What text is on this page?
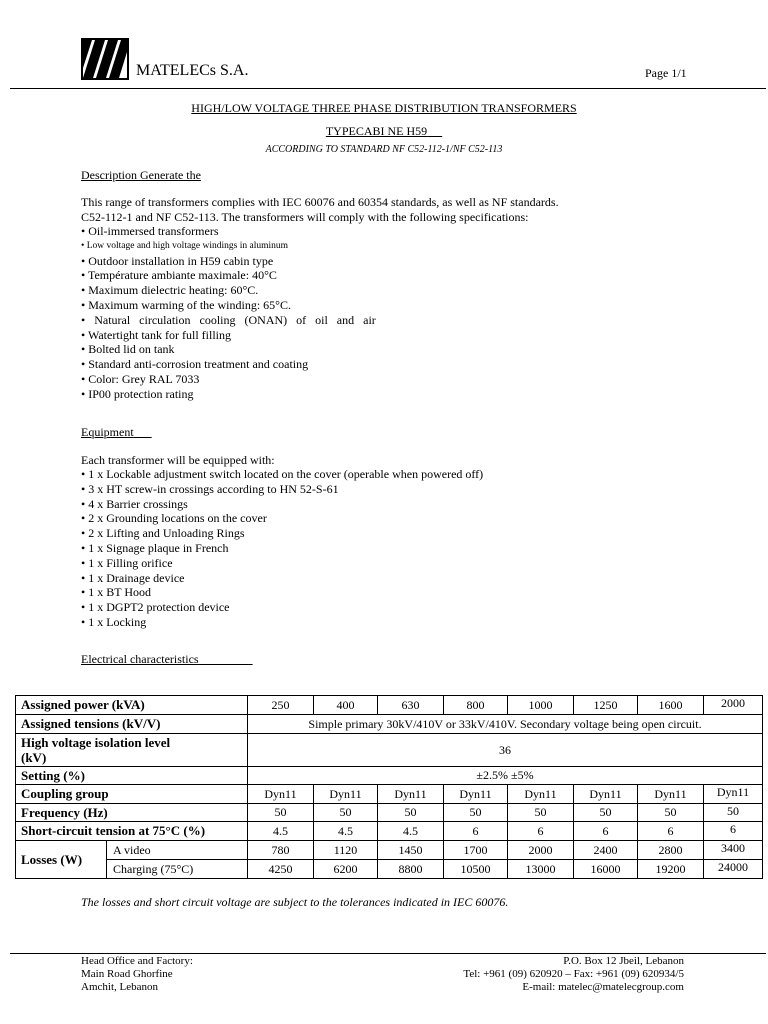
MATELECs S.A.	Page 1/1
HIGH/LOW VOLTAGE THREE PHASE DISTRIBUTION TRANSFORMERS
TYPECABI NE H59
ACCORDING TO STANDARD NF C52-112-1/NF C52-113
Description Generate the
This range of transformers complies with IEC 60076 and 60354 standards, as well as NF standards.
C52-112-1 and NF C52-113. The transformers will comply with the following specifications:
• Oil-immersed transformers
• Low voltage and high voltage windings in aluminum
• Outdoor installation in H59 cabin type
• Température ambiante maximale: 40°C
• Maximum dielectric heating: 60°C.
• Maximum warming of the winding: 65°C.
• Natural circulation cooling (ONAN) of oil and air
• Watertight tank for full filling
• Bolted lid on tank
• Standard anti-corrosion treatment and coating
• Color: Grey RAL 7033
• IP00 protection rating
Equipment
Each transformer will be equipped with:
• 1 x Lockable adjustment switch located on the cover (operable when powered off)
• 3 x HT screw-in crossings according to HN 52-S-61
• 4 x Barrier crossings
• 2 x Grounding locations on the cover
• 2 x Lifting and Unloading Rings
• 1 x Signage plaque in French
• 1 x Filling orifice
• 1 x Drainage device
• 1 x BT Hood
• 1 x DGPT2 protection device
• 1 x Locking
Electrical characteristics
Assigned power (kVA)		250	400	630	800	1000	1250	1600	2000
Assigned tensions (kV/V)		Simple primary 30kV/410V or 33kV/410V. Secondary voltage being open circuit.							

High voltage isolation level
(kV)		36							
Setting (%)		±2.5% ±5%							
Coupling group		Dyn11	Dyn11	Dyn11	Dyn11	Dyn11	Dyn11	Dyn11	Dyn11
Frequency (Hz)		50	50	50	50	50	50	50	50
Short-circuit tension at 75°C (%)		4.5	4.5	4.5	6	6	6	6	6
Losses (W)	A video	780	1120	1450	1700	2000	2400	2800	3400
	Charging (75°C)	4250	6200	8800	10500	13000	16000	19200	24000
The losses and short circuit voltage are subject to the tolerances indicated in IEC 60076.
Head Office and Factory:
Main Road Ghorfine
Amchit, Lebanon
P.O. Box 12 Jbeil, Lebanon
Tel: +961 (09) 620920 – Fax: +961 (09) 620934/5
E-mail: matelec@matelecgroup.com
